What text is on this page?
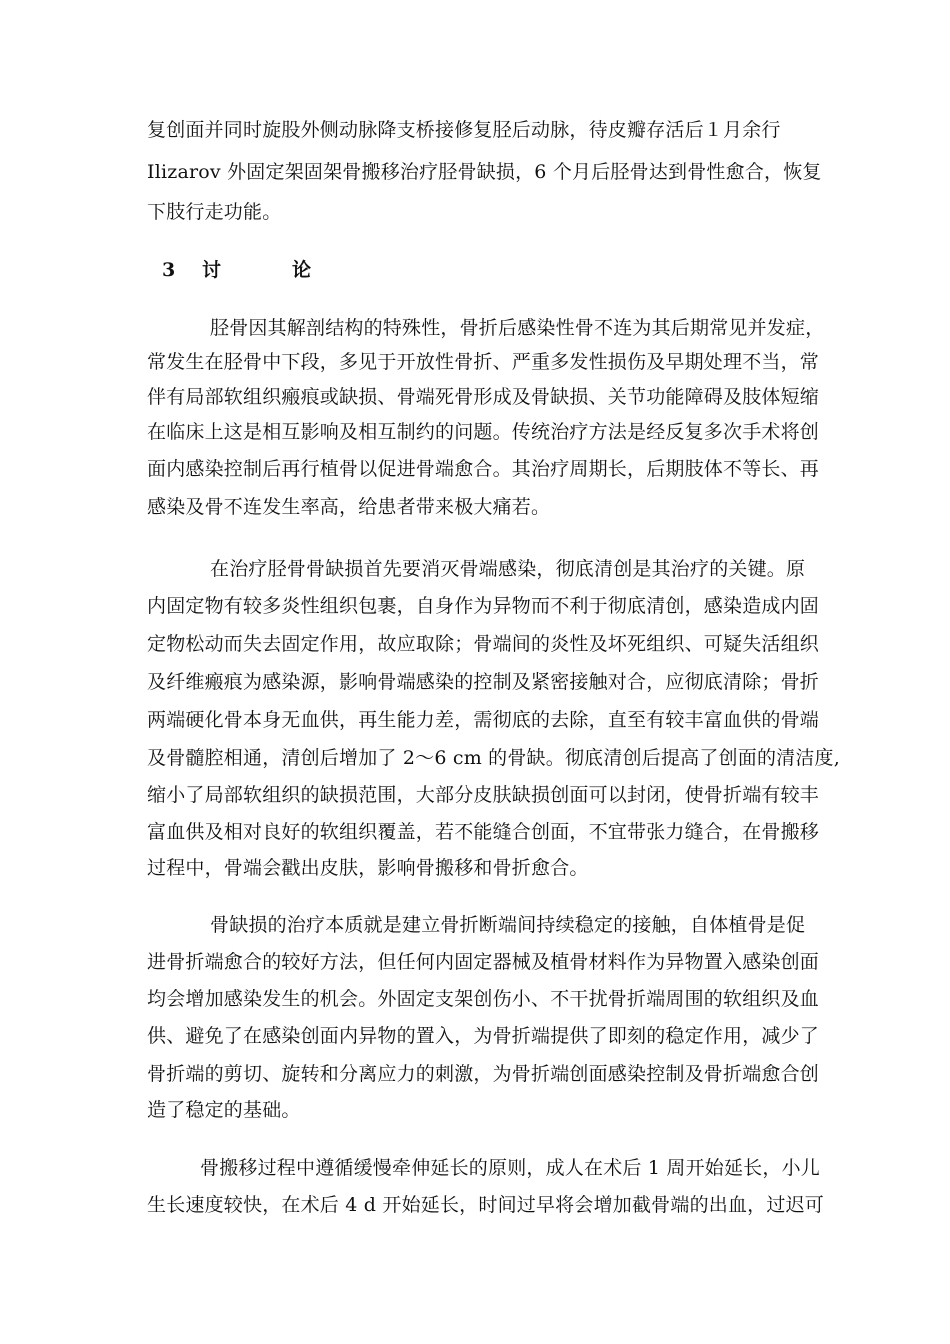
复创面并同时旋股外侧动脉降支桥接修复胫后动脉，待皮瓣存活后１月余行
Ilizarov 外固定架固架骨搬移治疗胫骨缺损，6 个月后胫骨达到骨性愈合，恢复
下肢行走功能。
3 讨	论
胫骨因其解剖结构的特殊性，骨折后感染性骨不连为其后期常见并发症，
常发生在胫骨中下段，多见于开放性骨折、严重多发性损伤及早期处理不当，常
伴有局部软组织瘢痕或缺损、骨端死骨形成及骨缺损、关节功能障碍及肢体短缩
在临床上这是相互影响及相互制约的问题。传统治疗方法是经反复多次手术将创
面内感染控制后再行植骨以促进骨端愈合。其治疗周期长，后期肢体不等长、再
感染及骨不连发生率高，给患者带来极大痛若。
在治疗胫骨骨缺损首先要消灭骨端感染，彻底清创是其治疗的关键。原
内固定物有较多炎性组织包裹，自身作为异物而不利于彻底清创，感染造成内固
定物松动而失去固定作用，故应取除；骨端间的炎性及坏死组织、可疑失活组织
及纤维瘢痕为感染源，影响骨端感染的控制及紧密接触对合，应彻底清除；骨折
两端硬化骨本身无血供，再生能力差，需彻底的去除，直至有较丰富血供的骨端
及骨髓腔相通，清创后增加了 2～6 cm 的骨缺。彻底清创后提高了创面的清洁度,
缩小了局部软组织的缺损范围，大部分皮肤缺损创面可以封闭，使骨折端有较丰
富血供及相对良好的软组织覆盖，若不能缝合创面，不宜带张力缝合，在骨搬移
过程中，骨端会戳出皮肤，影响骨搬移和骨折愈合。
骨缺损的治疗本质就是建立骨折断端间持续稳定的接触，自体植骨是促
进骨折端愈合的较好方法，但任何内固定器械及植骨材料作为异物置入感染创面
均会增加感染发生的机会。外固定支架创伤小、不干扰骨折端周围的软组织及血
供、避免了在感染创面内异物的置入，为骨折端提供了即刻的稳定作用，减少了
骨折端的剪切、旋转和分离应力的刺激，为骨折端创面感染控制及骨折端愈合创
造了稳定的基础。
骨搬移过程中遵循缓慢牵伸延长的原则，成人在术后 1 周开始延长，小儿
生长速度较快，在术后 4 d 开始延长，时间过早将会增加截骨端的出血，过迟可
